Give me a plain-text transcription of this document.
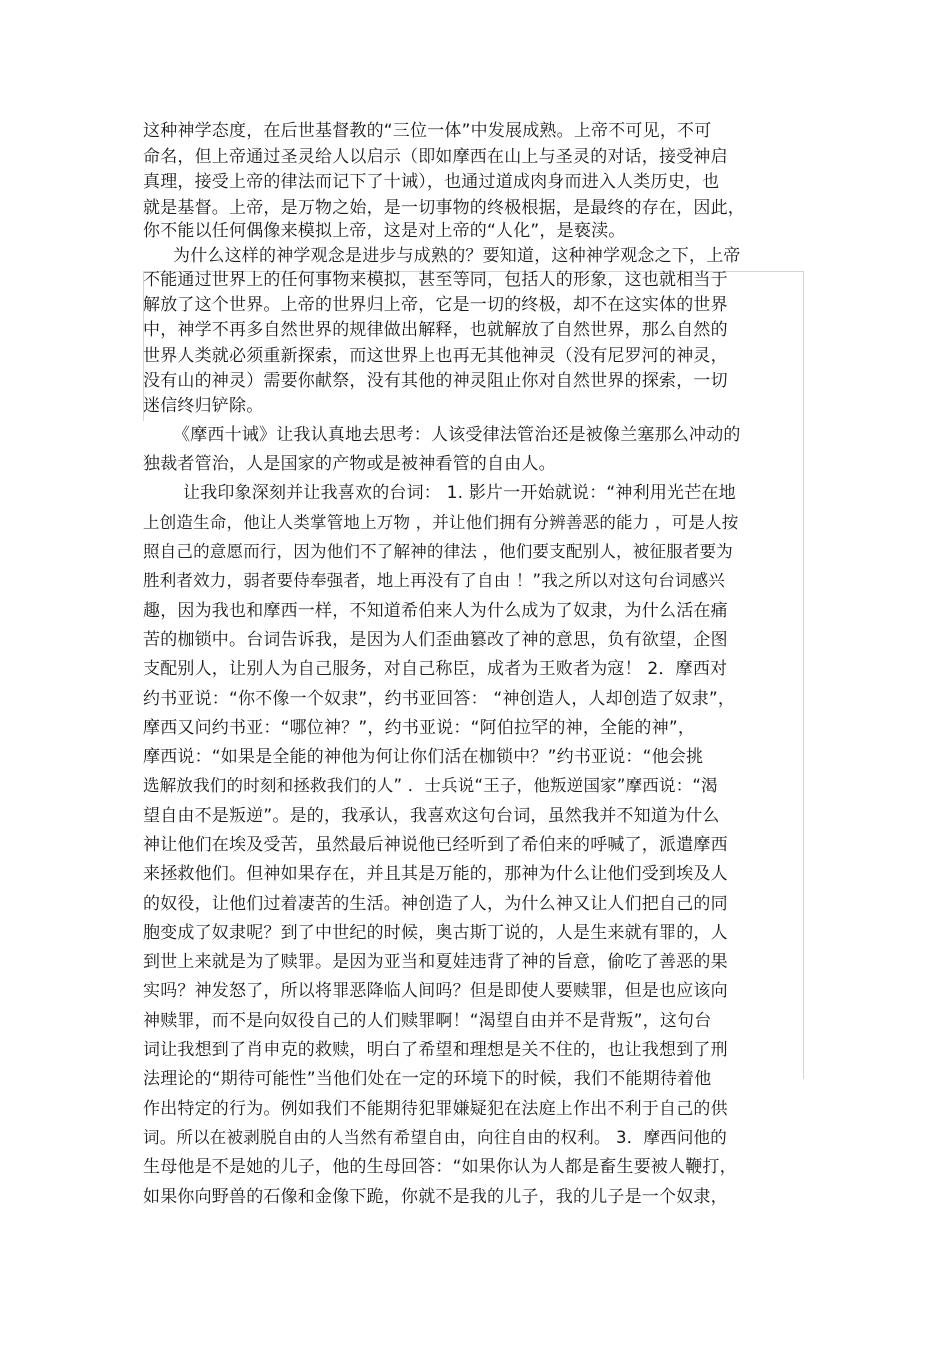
这种神学态度，在后世基督教的“三位一体”中发展成熟。上帝不可见，不可
命名，但上帝通过圣灵给人以启示（即如摩西在山上与圣灵的对话，接受神启
真理，接受上帝的律法而记下了十诫），也通过道成肉身而进入人类历史，也
就是基督。上帝，是万物之始，是一切事物的终极根据，是最终的存在，因此，
你不能以任何偶像来模拟上帝，这是对上帝的“人化”，是亵渎。
为什么这样的神学观念是进步与成熟的？要知道，这种神学观念之下，上帝
不能通过世界上的任何事物来模拟，甚至等同，包括人的形象，这也就相当于
解放了这个世界。上帝的世界归上帝，它是一切的终极，却不在这实体的世界
中，神学不再多自然世界的规律做出解释，也就解放了自然世界，那么自然的
世界人类就必须重新探索，而这世界上也再无其他神灵（没有尼罗河的神灵，
没有山的神灵）需要你献祭，没有其他的神灵阻止你对自然世界的探索，一切
迷信终归铲除。
《摩西十诫》让我认真地去思考：人该受律法管治还是被像兰塞那么冲动的
独裁者管治，人是国家的产物或是被神看管的自由人。
让我印象深刻并让我喜欢的台词： 1. 影片一开始就说：“神利用光芒在地
上创造生命，他让人类掌管地上万物 ，并让他们拥有分辨善恶的能力 ，可是人按
照自己的意愿而行，因为他们不了解神的律法 ，他们要支配别人，被征服者要为
胜利者效力，弱者要侍奉强者，地上再没有了自由 ！”我之所以对这句台词感兴
趣，因为我也和摩西一样，不知道希伯来人为什么成为了奴隶，为什么活在痛
苦的枷锁中。台词告诉我，是因为人们歪曲篡改了神的意思，负有欲望，企图
支配别人，让别人为自己服务，对自己称臣，成者为王败者为寇！ 2．摩西对
约书亚说：“你不像一个奴隶”，约书亚回答： “神创造人，人却创造了奴隶”，
摩西又问约书亚：“哪位神？”，约书亚说：“阿伯拉罕的神，全能的神”，
摩西说：“如果是全能的神他为何让你们活在枷锁中？”约书亚说：“他会挑
选解放我们的时刻和拯救我们的人” ．士兵说“王子，他叛逆国家”摩西说：“渴
望自由不是叛逆”。是的，我承认，我喜欢这句台词，虽然我并不知道为什么
神让他们在埃及受苦，虽然最后神说他已经听到了希伯来的呼喊了，派遣摩西
来拯救他们。但神如果存在，并且其是万能的，那神为什么让他们受到埃及人
的奴役，让他们过着凄苦的生活。神创造了人，为什么神又让人们把自己的同
胞变成了奴隶呢？到了中世纪的时候，奥古斯丁说的，人是生来就有罪的，人
到世上来就是为了赎罪。是因为亚当和夏娃违背了神的旨意，偷吃了善恶的果
实吗？神发怒了，所以将罪恶降临人间吗？但是即使人要赎罪，但是也应该向
神赎罪，而不是向奴役自己的人们赎罪啊！“渴望自由并不是背叛”，这句台
词让我想到了肖申克的救赎，明白了希望和理想是关不住的，也让我想到了刑
法理论的“期待可能性”当他们处在一定的环境下的时候，我们不能期待着他
作出特定的行为。例如我们不能期待犯罪嫌疑犯在法庭上作出不利于自己的供
词。所以在被剥脱自由的人当然有希望自由，向往自由的权利。 3．摩西问他的
生母他是不是她的儿子，他的生母回答：“如果你认为人都是畜生要被人鞭打，
如果你向野兽的石像和金像下跪，你就不是我的儿子，我的儿子是一个奴隶，
